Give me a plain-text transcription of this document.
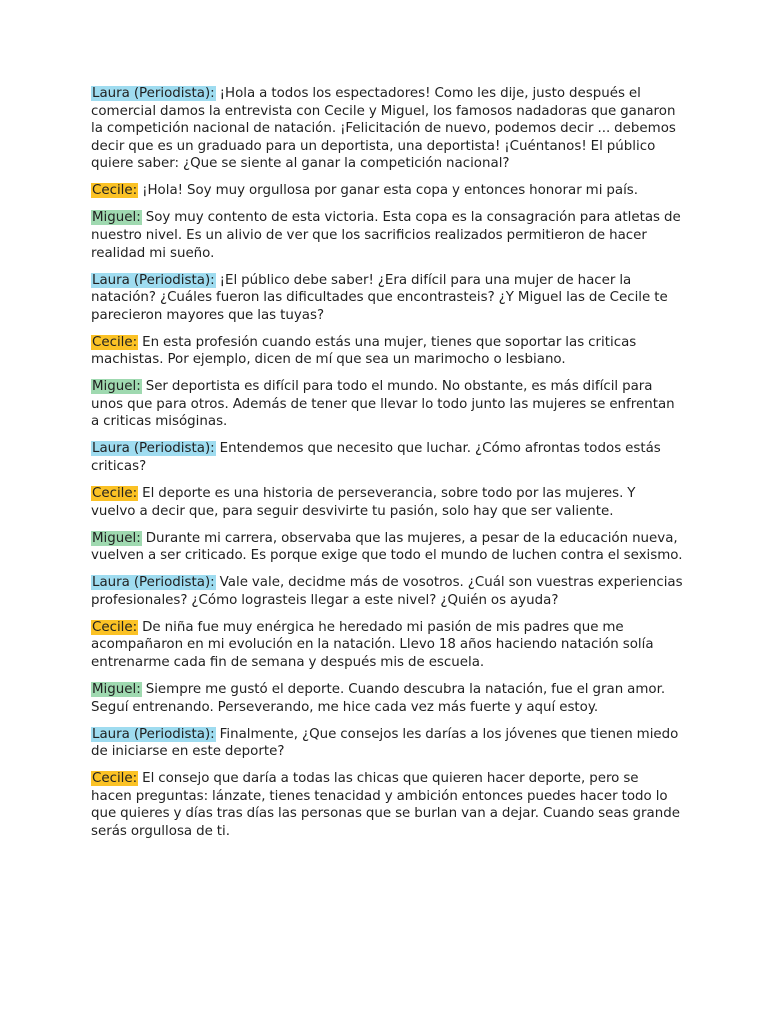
Laura (Periodista): ¡Hola a todos los espectadores! Como les dije, justo después el comercial damos la entrevista con Cecile y Miguel, los famosos nadadoras que ganaron la competición nacional de natación. ¡Felicitación de nuevo, podemos decir ... debemos decir que es un graduado para un deportista, una deportista! ¡Cuéntanos! El público quiere saber: ¿Que se siente al ganar la competición nacional?

Cecile: ¡Hola! Soy muy orgullosa por ganar esta copa y entonces honorar mi país.

Miguel: Soy muy contento de esta victoria. Esta copa es la consagración para atletas de nuestro nivel. Es un alivio de ver que los sacrificios realizados permitieron de hacer realidad mi sueño.

Laura (Periodista): ¡El público debe saber! ¿Era difícil para una mujer de hacer la natación? ¿Cuáles fueron las dificultades que encontrasteis? ¿Y Miguel las de Cecile te parecieron mayores que las tuyas?

Cecile: En esta profesión cuando estás una mujer, tienes que soportar las criticas machistas. Por ejemplo, dicen de mí que sea un marimocho o lesbiano.

Miguel: Ser deportista es difícil para todo el mundo. No obstante, es más difícil para unos que para otros. Además de tener que llevar lo todo junto las mujeres se enfrentan a criticas misóginas.

Laura (Periodista): Entendemos que necesito que luchar. ¿Cómo afrontas todos estás criticas?

Cecile: El deporte es una historia de perseverancia, sobre todo por las mujeres. Y vuelvo a decir que, para seguir desvivirte tu pasión, solo hay que ser valiente.

Miguel: Durante mi carrera, observaba que las mujeres, a pesar de la educación nueva, vuelven a ser criticado. Es porque exige que todo el mundo de luchen contra el sexismo.

Laura (Periodista): Vale vale, decidme más de vosotros. ¿Cuál son vuestras experiencias profesionales? ¿Cómo lograsteis llegar a este nivel? ¿Quién os ayuda?

Cecile: De niña fue muy enérgica he heredado mi pasión de mis padres que me acompañaron en mi evolución en la natación. Llevo 18 años haciendo natación solía entrenarme cada fin de semana y después mis de escuela.

Miguel: Siempre me gustó el deporte. Cuando descubra la natación, fue el gran amor. Seguí entrenando. Perseverando, me hice cada vez más fuerte y aquí estoy.

Laura (Periodista): Finalmente, ¿Que consejos les darías a los jóvenes que tienen miedo de iniciarse en este deporte?

Cecile: El consejo que daría a todas las chicas que quieren hacer deporte, pero se hacen preguntas: lánzate, tienes tenacidad y ambición entonces puedes hacer todo lo que quieres y días tras días las personas que se burlan van a dejar. Cuando seas grande serás orgullosa de ti.
